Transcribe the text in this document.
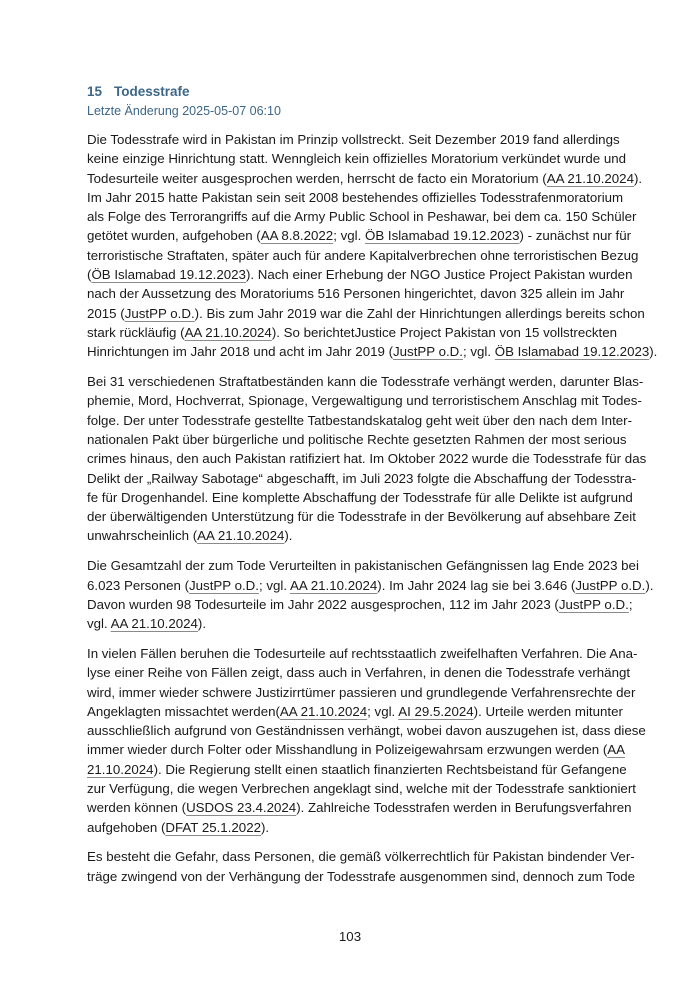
15 Todesstrafe
Letzte Änderung 2025-05-07 06:10
Die Todesstrafe wird in Pakistan im Prinzip vollstreckt. Seit Dezember 2019 fand allerdings
keine einzige Hinrichtung statt. Wenngleich kein offizielles Moratorium verkündet wurde und
Todesurteile weiter ausgesprochen werden, herrscht de facto ein Moratorium (AA 21.10.2024).
Im Jahr 2015 hatte Pakistan sein seit 2008 bestehendes offizielles Todesstrafenmoratorium
als Folge des Terrorangriffs auf die Army Public School in Peshawar, bei dem ca. 150 Schüler
getötet wurden, aufgehoben (AA 8.8.2022; vgl. ÖB Islamabad 19.12.2023) - zunächst nur für
terroristische Straftaten, später auch für andere Kapitalverbrechen ohne terroristischen Bezug
(ÖB Islamabad 19.12.2023). Nach einer Erhebung der NGO Justice Project Pakistan wurden
nach der Aussetzung des Moratoriums 516 Personen hingerichtet, davon 325 allein im Jahr
2015 (JustPP o.D.). Bis zum Jahr 2019 war die Zahl der Hinrichtungen allerdings bereits schon
stark rückläufig (AA 21.10.2024). So berichtetJustice Project Pakistan von 15 vollstreckten
Hinrichtungen im Jahr 2018 und acht im Jahr 2019 (JustPP o.D.; vgl. ÖB Islamabad 19.12.2023).
Bei 31 verschiedenen Straftatbeständen kann die Todesstrafe verhängt werden, darunter Blas-
phemie, Mord, Hochverrat, Spionage, Vergewaltigung und terroristischem Anschlag mit Todes-
folge. Der unter Todesstrafe gestellte Tatbestandskatalog geht weit über den nach dem Inter-
nationalen Pakt über bürgerliche und politische Rechte gesetzten Rahmen der most serious
crimes hinaus, den auch Pakistan ratifiziert hat. Im Oktober 2022 wurde die Todesstrafe für das
Delikt der „Railway Sabotage“ abgeschafft, im Juli 2023 folgte die Abschaffung der Todesstra-
fe für Drogenhandel. Eine komplette Abschaffung der Todesstrafe für alle Delikte ist aufgrund
der überwältigenden Unterstützung für die Todesstrafe in der Bevölkerung auf absehbare Zeit
unwahrscheinlich (AA 21.10.2024).
Die Gesamtzahl der zum Tode Verurteilten in pakistanischen Gefängnissen lag Ende 2023 bei
6.023 Personen (JustPP o.D.; vgl. AA 21.10.2024). Im Jahr 2024 lag sie bei 3.646 (JustPP o.D.).
Davon wurden 98 Todesurteile im Jahr 2022 ausgesprochen, 112 im Jahr 2023 (JustPP o.D.;
vgl. AA 21.10.2024).
In vielen Fällen beruhen die Todesurteile auf rechtsstaatlich zweifelhaften Verfahren. Die Ana-
lyse einer Reihe von Fällen zeigt, dass auch in Verfahren, in denen die Todesstrafe verhängt
wird, immer wieder schwere Justizirrtümer passieren und grundlegende Verfahrensrechte der
Angeklagten missachtet werden(AA 21.10.2024; vgl. AI 29.5.2024). Urteile werden mitunter
ausschließlich aufgrund von Geständnissen verhängt, wobei davon auszugehen ist, dass diese
immer wieder durch Folter oder Misshandlung in Polizeigewahrsam erzwungen werden (AA
21.10.2024). Die Regierung stellt einen staatlich finanzierten Rechtsbeistand für Gefangene
zur Verfügung, die wegen Verbrechen angeklagt sind, welche mit der Todesstrafe sanktioniert
werden können (USDOS 23.4.2024). Zahlreiche Todesstrafen werden in Berufungsverfahren
aufgehoben (DFAT 25.1.2022).
Es besteht die Gefahr, dass Personen, die gemäß völkerrechtlich für Pakistan bindender Ver-
träge zwingend von der Verhängung der Todesstrafe ausgenommen sind, dennoch zum Tode
103
